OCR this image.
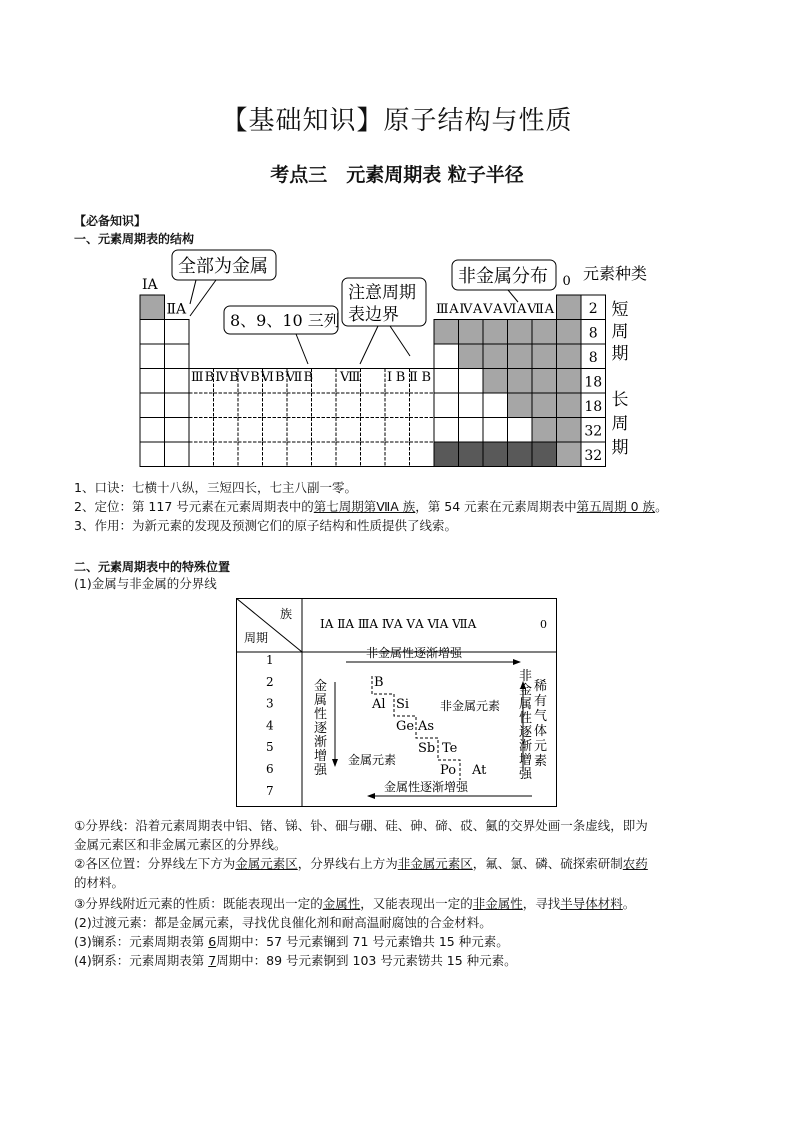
【基础知识】原子结构与性质
考点三　元素周期表 粒子半径
【必备知识】
一、元素周期表的结构
2
8
8
18
18
32
32
短
周
期
长
周
期
ⅠA
ⅡA
ⅢBⅣBⅤBⅥBⅦB Ⅷ ⅠBⅡB
ⅢAⅣAⅤAⅥAⅦA
0 元素种类
全部为金属
8、9、10 三列
注意周期
表边界
非金属分布
1、口诀：七横十八纵，三短四长，七主八副一零。
2、定位：第 117 号元素在元素周期表中的第七周期第ⅦA 族，第 54 元素在元素周期表中第五周期 0 族。
3、作用：为新元素的发现及预测它们的原子结构和性质提供了线索。
二、元素周期表中的特殊位置
(1)金属与非金属的分界线
族
周期
ⅠA ⅡA ⅢA ⅣA ⅤA ⅥA ⅦA	0
1
2
3
4
5
6
7
非金属性逐渐增强
金属性逐渐增强
金
属
性
逐
渐
增
强
非
金
属
性
逐
渐
增
强
稀
有
气
体
元
素
非金属元素
金属元素
B
Al Si
Ge As
Sb Te
Po At
①分界线：沿着元素周期表中铝、锗、锑、钋、鿬与硼、硅、砷、碲、砹、鿫的交界处画一条虚线，即为
金属元素区和非金属元素区的分界线。
②各区位置：分界线左下方为金属元素区，分界线右上方为非金属元素区，氟、氯、磷、硫探索研制农药
的材料。
③分界线附近元素的性质：既能表现出一定的金属性，又能表现出一定的非金属性，寻找半导体材料。
(2)过渡元素：都是金属元素，寻找优良催化剂和耐高温耐腐蚀的合金材料。
(3)镧系：元素周期表第 6周期中：57 号元素镧到 71 号元素镥共 15 种元素。
(4)锕系：元素周期表第 7周期中：89 号元素锕到 103 号元素铹共 15 种元素。
